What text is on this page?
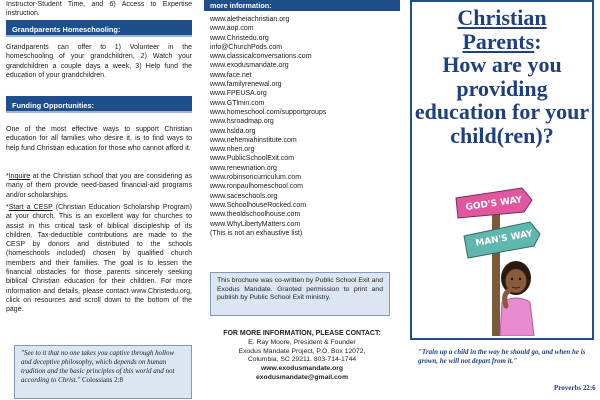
Instructor-Student Time, and 6) Access to Expertise instruction.
Grandparents Homeschooling:
Grandparents can offer to 1) Volunteer in the homeschooling of your grandchildren, 2) Watch your grandchildren a couple days a week, 3) Help fund the education of your grandchildren.
Funding Opportunities:
One of the most effective ways to support Christian education for all families who desire it, is to find ways to help fund Christian education for those who cannot afford it.
*Inquire at the Christian school that you are considering as many of them provide need-based financial-aid programs and/or scholarships.
*Start a CESP (Christian Education Scholarship Program) at your church. This is an excellent way for churches to assist in this critical task of biblical discipleship of its children. Tax-deductible contributions are made to the CESP by donors and distributed to the schools (homeschools included) chosen by qualified church members and their families. The goal is to lessen the financial obstacles for those parents sincerely seeking biblical Christian education for their children. For more information and details, please contact www.Christedu.org, click on resources and scroll down to the bottom of the page.
"See to it that no one takes you captive through hollow and deceptive philosophy, which depends on human tradition and the basic principles of this world and not according to Christ." Colossians 2:8
more information:
www.aletheiachristian.org
www.aop.com
www.Christedu.org
info@ChurchPods.com
www.classicalconversations.com
www.exodusmandate.org
www.face.net
www.familyrenewal.org
www.FPEUSA.org
www.GTlmin.com
www.homeschool.com/supportgroups
www.hsroadmap.org
www.hslda.org
www.nehemiahinstitute.com
www.nheri.org
www.PublicSchoolExit.com
www.renewnation.org
www.robinsoncurriculum.com
www.ronpaulhomeschool.com
www.saceschools.org
www.SchoolhouseRocked.com
www.theoldschoolhouse.com
www.WhyLibertyMatters.com
(This is not an exhaustive list)
This brochure was co-written by Public School Exit and Exodus Mandate. Granted permission to print and publish by Public School Exit ministry.
FOR MORE INFORMATION, PLEASE CONTACT:
E. Ray Moore, President & Founder
Exodus Mandate Project, P.O. Box 12072,
Columbia, SC 29211. 803-714-1744
www.exodusmandate.org
exodusmandate@gmail.com
Christian
Parents:
How are you providing education for your child(ren)?
GOD'S WAY
MAN'S WAY
"Train up a child in the way he should go, and when he is grown, he will not depart from it."
Proverbs 22:6
